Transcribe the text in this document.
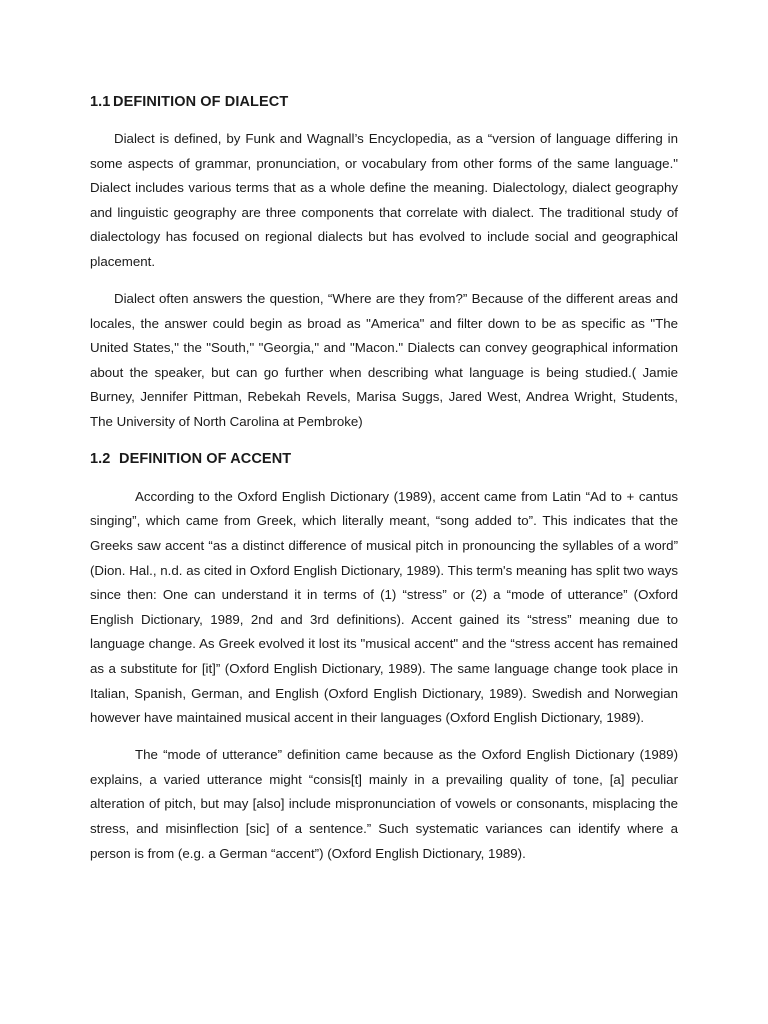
1.1 DEFINITION OF DIALECT

Dialect is defined, by Funk and Wagnall’s Encyclopedia, as a “version of language differing in some aspects of grammar, pronunciation, or vocabulary from other forms of the same language." Dialect includes various terms that as a whole define the meaning. Dialectology, dialect geography and linguistic geography are three components that correlate with dialect. The traditional study of dialectology has focused on regional dialects but has evolved to include social and geographical placement.

Dialect often answers the question, “Where are they from?” Because of the different areas and locales, the answer could begin as broad as "America" and filter down to be as specific as "The United States," the "South," "Georgia," and "Macon." Dialects can convey geographical information about the speaker, but can go further when describing what language is being studied.( Jamie Burney, Jennifer Pittman, Rebekah Revels, Marisa Suggs, Jared West, Andrea Wright, Students, The University of North Carolina at Pembroke)

1.2 DEFINITION OF ACCENT

According to the Oxford English Dictionary (1989), accent came from Latin “Ad to + cantus singing”, which came from Greek, which literally meant, “song added to”. This indicates that the Greeks saw accent “as a distinct difference of musical pitch in pronouncing the syllables of a word” (Dion. Hal., n.d. as cited in Oxford English Dictionary, 1989). This term's meaning has split two ways since then: One can understand it in terms of (1) “stress” or (2) a “mode of utterance” (Oxford English Dictionary, 1989, 2nd and 3rd definitions). Accent gained its “stress” meaning due to language change. As Greek evolved it lost its "musical accent" and the “stress accent has remained as a substitute for [it]” (Oxford English Dictionary, 1989). The same language change took place in Italian, Spanish, German, and English (Oxford English Dictionary, 1989). Swedish and Norwegian however have maintained musical accent in their languages (Oxford English Dictionary, 1989).

The “mode of utterance” definition came because as the Oxford English Dictionary (1989) explains, a varied utterance might “consis[t] mainly in a prevailing quality of tone, [a] peculiar alteration of pitch, but may [also] include mispronunciation of vowels or consonants, misplacing the stress, and misinflection [sic] of a sentence.” Such systematic variances can identify where a person is from (e.g. a German “accent”) (Oxford English Dictionary, 1989).
